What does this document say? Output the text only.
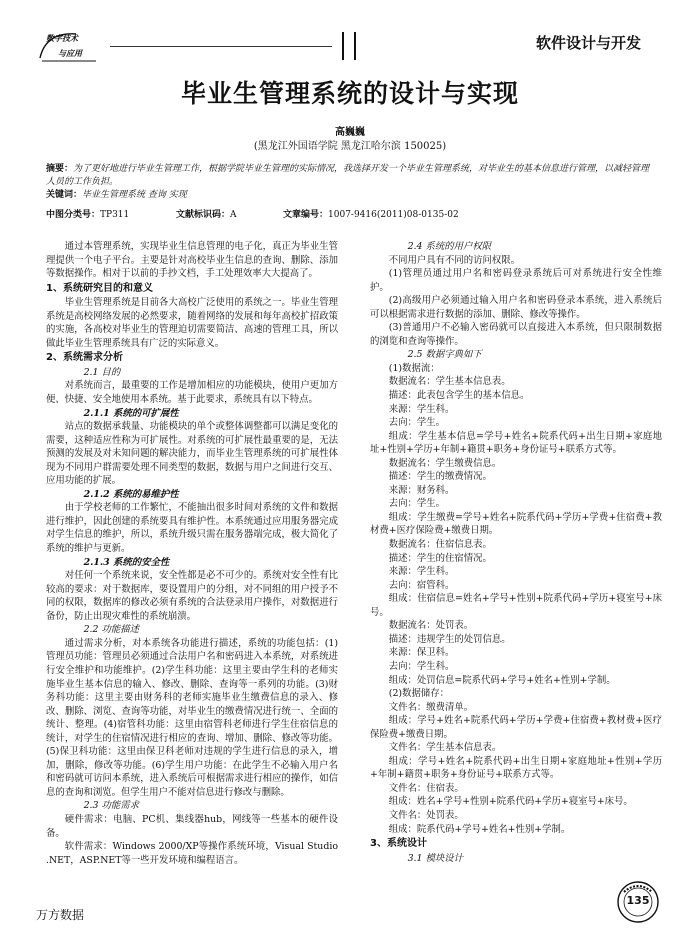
数字技术
与应用
软件设计与开发
毕业生管理系统的设计与实现
高巍巍
(黑龙江外国语学院 黑龙江哈尔滨 150025)
摘要：为了更好地进行毕业生管理工作，根据学院毕业生管理的实际情况，我选择开发一个毕业生管理系统，对毕业生的基本信息进行管理，以减轻管理人员的工作负担。
关键词：毕业生管理系统 查询 实现
中图分类号：TP311	文献标识码：A	文章编号：1007-9416(2011)08-0135-02

通过本管理系统，实现毕业生信息管理的电子化，真正为毕业生管理提供一个电子平台。主要是针对高校毕业生信息的查询、删除、添加等数据操作。相对于以前的手抄文档，手工处理效率大大提高了。

1、系统研究目的和意义

毕业生管理系统是目前各大高校广泛使用的系统之一。毕业生管理系统是高校网络发展的必然要求，随着网络的发展和每年高校扩招政策的实施，各高校对毕业生的管理迫切需要简洁、高速的管理工具，所以做此毕业生管理系统具有广泛的实际意义。

2、系统需求分析

2.1 目的

对系统而言，最重要的工作是增加相应的功能模块，使用户更加方便、快捷、安全地使用本系统。基于此要求，系统具有以下特点。

2.1.1 系统的可扩展性

站点的数据承载量、功能模块的单个或整体调整都可以满足变化的需要，这种适应性称为可扩展性。对系统的可扩展性最重要的是，无法预测的发展及对未知问题的解决能力，而毕业生管理系统的可扩展性体现为不同用户群需要处理不同类型的数据，数据与用户之间进行交互、应用功能的扩展。

2.1.2 系统的易维护性

由于学校老师的工作繁忙，不能抽出很多时间对系统的文件和数据进行维护，因此创建的系统要具有维护性。本系统通过应用服务器完成对学生信息的维护，所以，系统升级只需在服务器端完成，极大简化了系统的维护与更新。

2.1.3 系统的安全性

对任何一个系统来说，安全性都是必不可少的。系统对安全性有比较高的要求：对于数据库，要设置用户的分组，对不同组的用户授予不同的权限，数据库的修改必须有系统的合法登录用户操作，对数据进行备份，防止出现灾难性的系统崩溃。

2.2 功能描述

通过需求分析，对本系统各功能进行描述，系统的功能包括：(1)管理员功能：管理员必须通过合法用户名和密码进入本系统，对系统进行安全维护和功能维护。(2)学生科功能：这里主要由学生科的老师实施毕业生基本信息的输入、修改、删除、查询等一系列的功能。(3)财务科功能：这里主要由财务科的老师实施毕业生缴费信息的录入、修改、删除、浏览、查询等功能，对毕业生的缴费情况进行统一、全面的统计、整理。(4)宿管科功能：这里由宿管科老师进行学生住宿信息的统计，对学生的住宿情况进行相应的查询、增加、删除、修改等功能。(5)保卫科功能：这里由保卫科老师对违规的学生进行信息的录入，增加，删除，修改等功能。(6)学生用户功能：在此学生不必输入用户名和密码就可访问本系统，进入系统后可根据需求进行相应的操作，如信息的查询和浏览。但学生用户不能对信息进行修改与删除。

2.3 功能需求

硬件需求：电脑、PC机、集线器hub，网线等一些基本的硬件设备。

软件需求：Windows 2000/XP等操作系统环境，Visual Studio .NET，ASP.NET等一些开发环境和编程语言。

2.4 系统的用户权限

不同用户具有不同的访问权限。

(1)管理员通过用户名和密码登录系统后可对系统进行安全性维护。

(2)高级用户必须通过输入用户名和密码登录本系统，进入系统后可以根据需求进行数据的添加、删除、修改等操作。

(3)普通用户不必输入密码就可以直接进入本系统，但只限制数据的浏览和查询等操作。

2.5 数据字典如下

(1)数据流：

数据流名：学生基本信息表。

描述：此表包含学生的基本信息。

来源：学生科。

去向：学生。

组成：学生基本信息=学号+姓名+院系代码+出生日期+家庭地址+性别+学历+年制+籍贯+职务+身份证号+联系方式等。

数据流名：学生缴费信息。

描述：学生的缴费情况。

来源：财务科。

去向：学生。

组成：学生缴费=学号+姓名+院系代码+学历+学费+住宿费+教材费+医疗保险费+缴费日期。

数据流名：住宿信息表。

描述：学生的住宿情况。

来源：学生科。

去向：宿管科。

组成：住宿信息=姓名+学号+性别+院系代码+学历+寝室号+床号。

数据流名：处罚表。

描述：违规学生的处罚信息。

来源：保卫科。

去向：学生科。

组成：处罚信息=院系代码+学号+姓名+性别+学制。

(2)数据储存：

文件名：缴费清单。

组成：学号+姓名+院系代码+学历+学费+住宿费+教材费+医疗保险费+缴费日期。

文件名：学生基本信息表。

组成：学号+姓名+院系代码+出生日期+家庭地址+性别+学历+年制+籍贯+职务+身份证号+联系方式等。

文件名：住宿表。

组成：姓名+学号+性别+院系代码+学历+寝室号+床号。

文件名：处罚表。

组成：院系代码+学号+姓名+性别+学制。

3、系统设计

3.1 模块设计

万方数据
135
